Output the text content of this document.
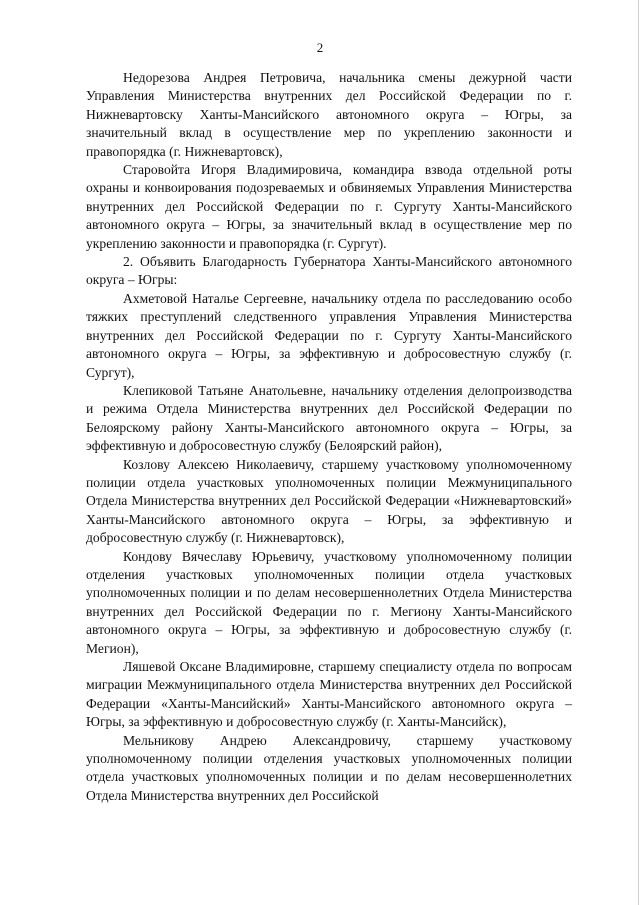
2

Недорезова Андрея Петровича, начальника смены дежурной части Управления Министерства внутренних дел Российской Федерации по г. Нижневартовску Ханты-Мансийского автономного округа – Югры, за значительный вклад в осуществление мер по укреплению законности и правопорядка (г. Нижневартовск),

Старовойта Игоря Владимировича, командира взвода отдельной роты охраны и конвоирования подозреваемых и обвиняемых Управления Министерства внутренних дел Российской Федерации по г. Сургуту Ханты-Мансийского автономного округа – Югры, за значительный вклад в осуществление мер по укреплению законности и правопорядка (г. Сургут).

2. Объявить Благодарность Губернатора Ханты-Мансийского автономного округа – Югры:

Ахметовой Наталье Сергеевне, начальнику отдела по расследованию особо тяжких преступлений следственного управления Управления Министерства внутренних дел Российской Федерации по г. Сургуту Ханты-Мансийского автономного округа – Югры, за эффективную и добросовестную службу (г. Сургут),

Клепиковой Татьяне Анатольевне, начальнику отделения делопроизводства и режима Отдела Министерства внутренних дел Российской Федерации по Белоярскому району Ханты-Мансийского автономного округа – Югры, за эффективную и добросовестную службу (Белоярский район),

Козлову Алексею Николаевичу, старшему участковому уполномоченному полиции отдела участковых уполномоченных полиции Межмуниципального Отдела Министерства внутренних дел Российской Федерации «Нижневартовский» Ханты-Мансийского автономного округа – Югры, за эффективную и добросовестную службу (г. Нижневартовск),

Кондову Вячеславу Юрьевичу, участковому уполномоченному полиции отделения участковых уполномоченных полиции отдела участковых уполномоченных полиции и по делам несовершеннолетних Отдела Министерства внутренних дел Российской Федерации по г. Мегиону Ханты-Мансийского автономного округа – Югры, за эффективную и добросовестную службу (г. Мегион),

Ляшевой Оксане Владимировне, старшему специалисту отдела по вопросам миграции Межмуниципального отдела Министерства внутренних дел Российской Федерации «Ханты-Мансийский» Ханты-Мансийского автономного округа – Югры, за эффективную и добросовестную службу (г. Ханты-Мансийск),

Мельникову Андрею Александровичу, старшему участковому уполномоченному полиции отделения участковых уполномоченных полиции отдела участковых уполномоченных полиции и по делам несовершеннолетних Отдела Министерства внутренних дел Российской
